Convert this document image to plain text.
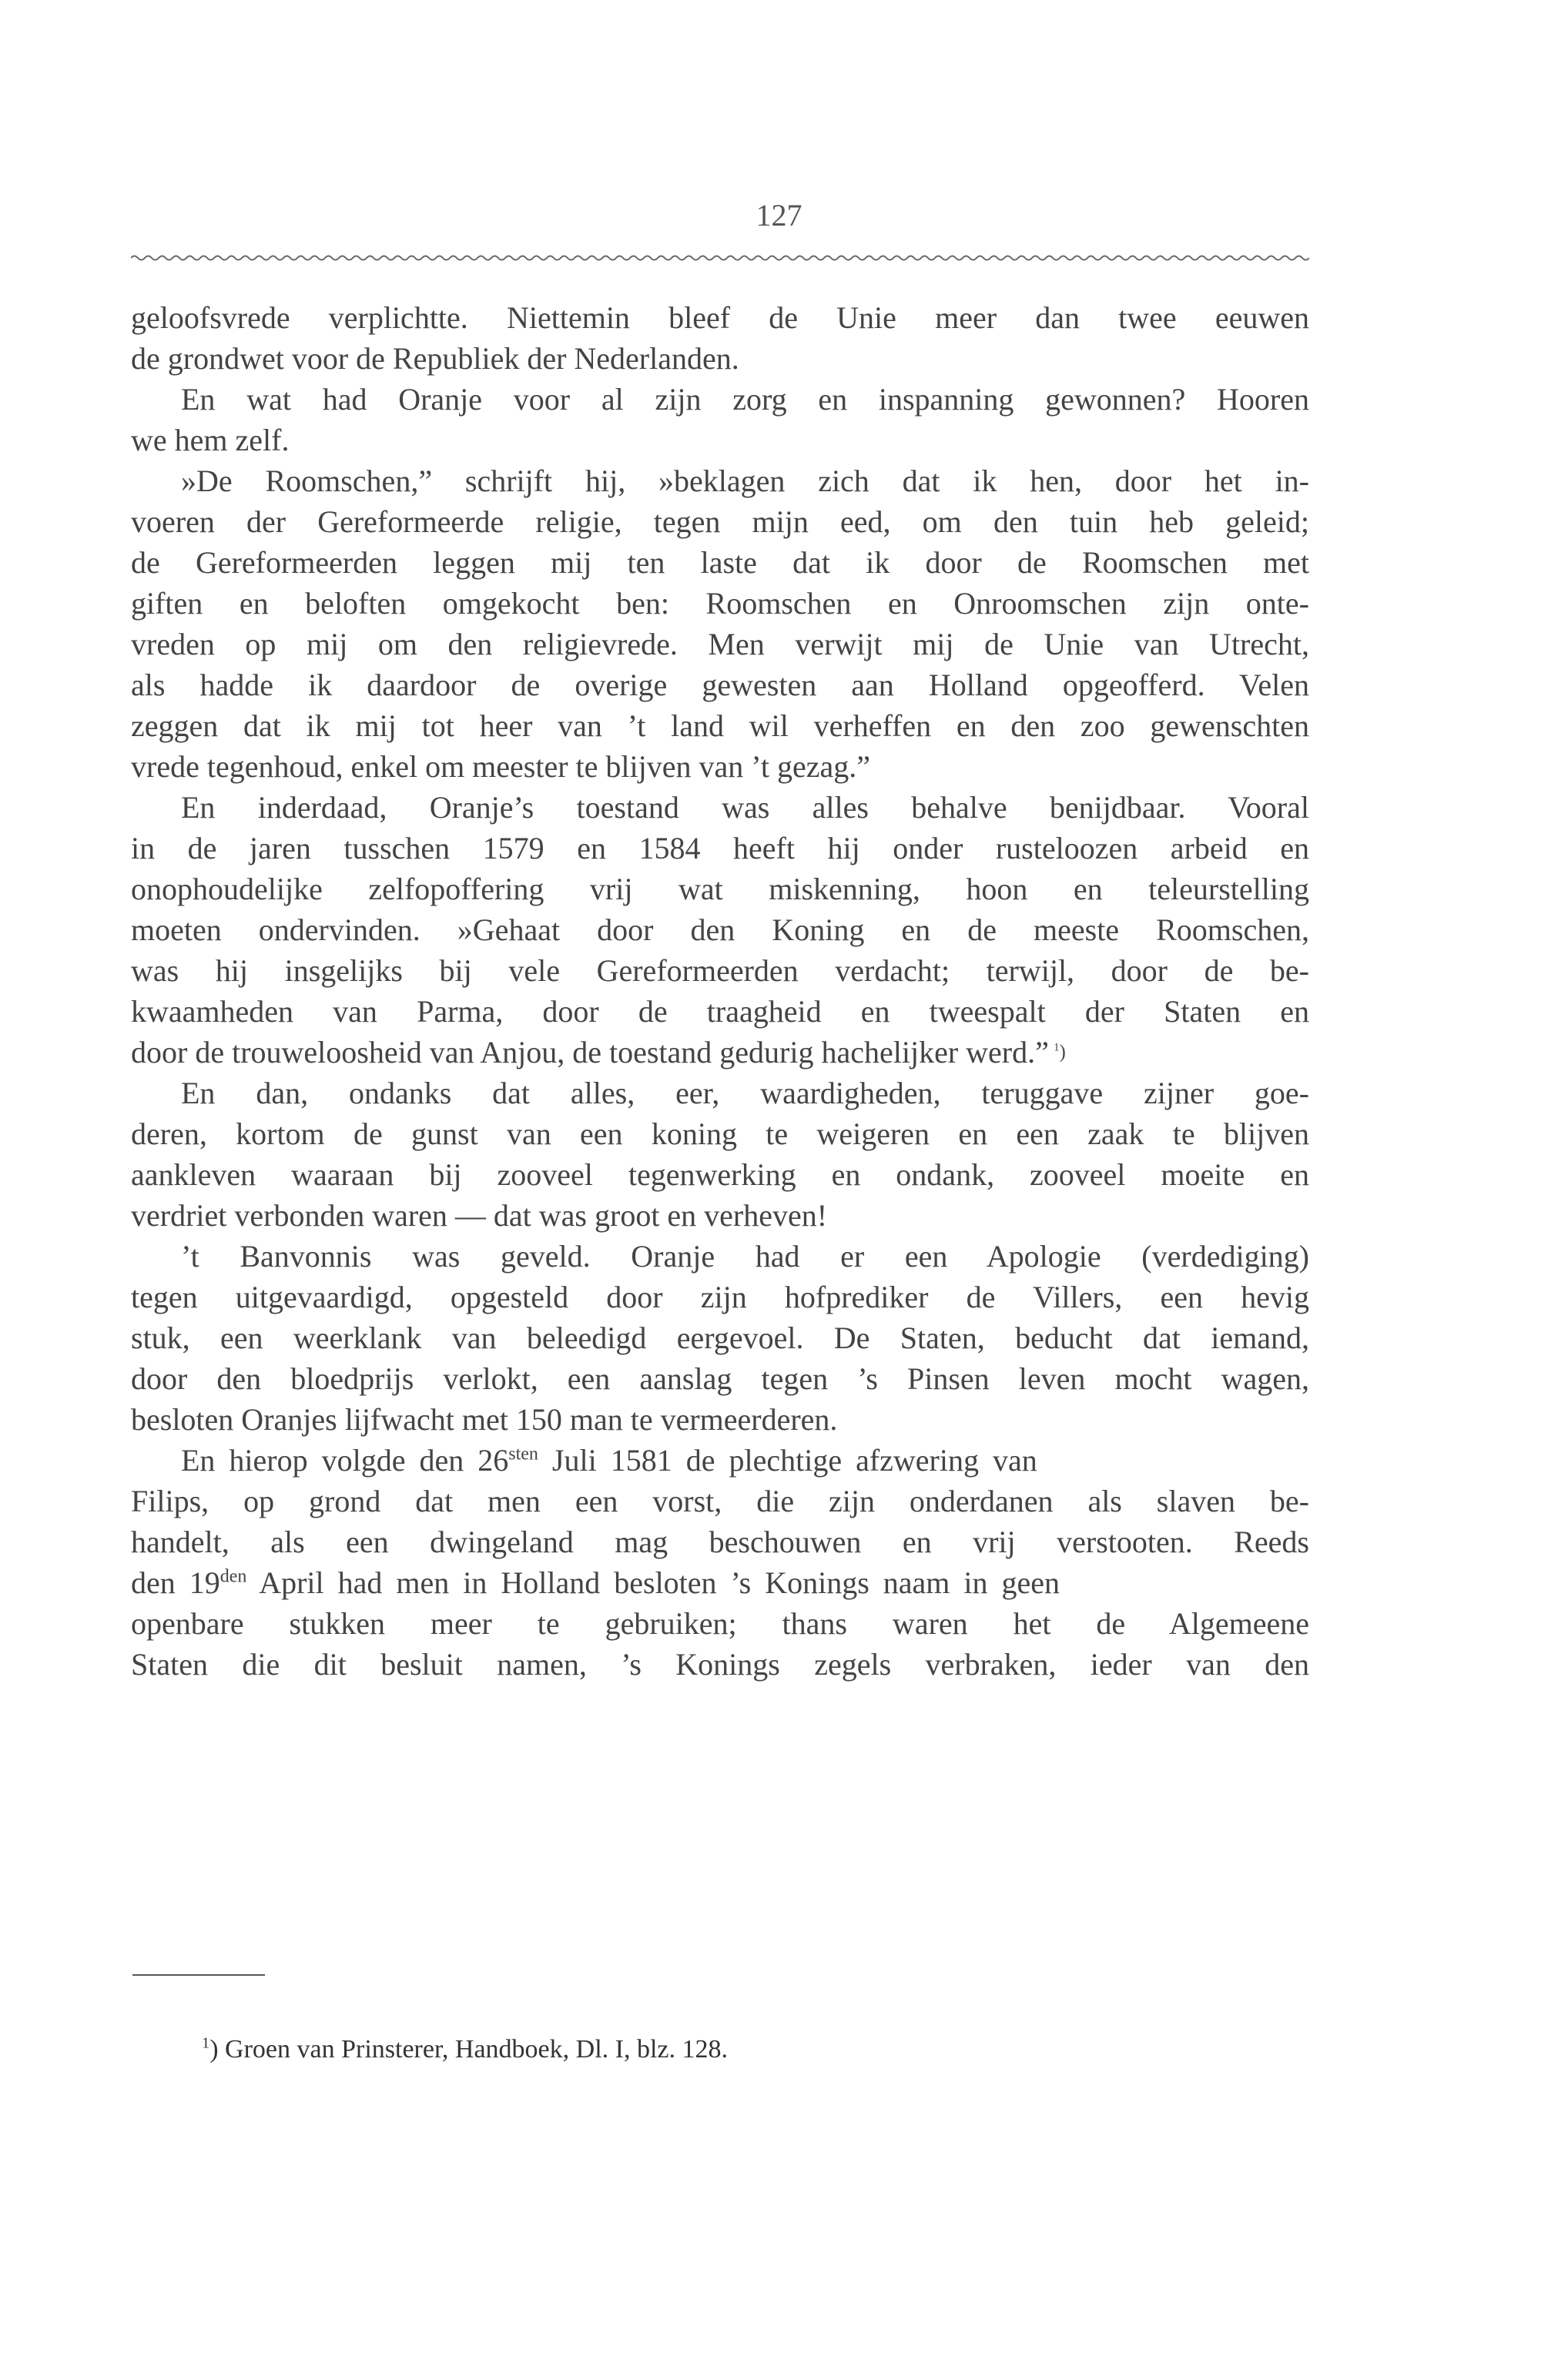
127
geloofsvrede verplichtte. Niettemin bleef de Unie meer dan twee eeuwen
de grondwet voor de Republiek der Nederlanden.
En wat had Oranje voor al zijn zorg en inspanning gewonnen? Hooren
we hem zelf.
»De Roomschen,” schrijft hij, »beklagen zich dat ik hen, door het in-
voeren der Gereformeerde religie, tegen mijn eed, om den tuin heb geleid;
de Gereformeerden leggen mij ten laste dat ik door de Roomschen met
giften en beloften omgekocht ben: Roomschen en Onroomschen zijn onte-
vreden op mij om den religievrede. Men verwijt mij de Unie van Utrecht,
als hadde ik daardoor de overige gewesten aan Holland opgeofferd. Velen
zeggen dat ik mij tot heer van ’t land wil verheffen en den zoo gewenschten
vrede tegenhoud, enkel om meester te blijven van ’t gezag.”
En inderdaad, Oranje’s toestand was alles behalve benijdbaar. Vooral
in de jaren tusschen 1579 en 1584 heeft hij onder rusteloozen arbeid en
onophoudelijke zelfopoffering vrij wat miskenning, hoon en teleurstelling
moeten ondervinden. »Gehaat door den Koning en de meeste Roomschen,
was hij insgelijks bij vele Gereformeerden verdacht; terwijl, door de be-
kwaamheden van Parma, door de traagheid en tweespalt der Staten en
door de trouweloosheid van Anjou, de toestand gedurig hachelijker werd.” $^1$)
En dan, ondanks dat alles, eer, waardigheden, teruggave zijner goe-
deren, kortom de gunst van een koning te weigeren en een zaak te blijven
aankleven waaraan bij zooveel tegenwerking en ondank, zooveel moeite en
verdriet verbonden waren — dat was groot en verheven!
’t Banvonnis was geveld. Oranje had er een Apologie (verdediging)
tegen uitgevaardigd, opgesteld door zijn hofprediker de Villers, een hevig
stuk, een weerklank van beleedigd eergevoel. De Staten, beducht dat iemand,
door den bloedprijs verlokt, een aanslag tegen ’s Pinsen leven mocht wagen,
besloten Oranjes lijfwacht met 150 man te vermeerderen.
En hierop volgde den $26^{sten}$ Juli 1581 de plechtige afzwering van
Filips, op grond dat men een vorst, die zijn onderdanen als slaven be-
handelt, als een dwingeland mag beschouwen en vrij verstooten. Reeds
den $19^{den}$ April had men in Holland besloten ’s Konings naam in geen
openbare stukken meer te gebruiken; thans waren het de Algemeene
Staten die dit besluit namen, ’s Konings zegels verbraken, ieder van den
$^1$) Groen van Prinsterer, Handboek, Dl. I, blz. 128.
